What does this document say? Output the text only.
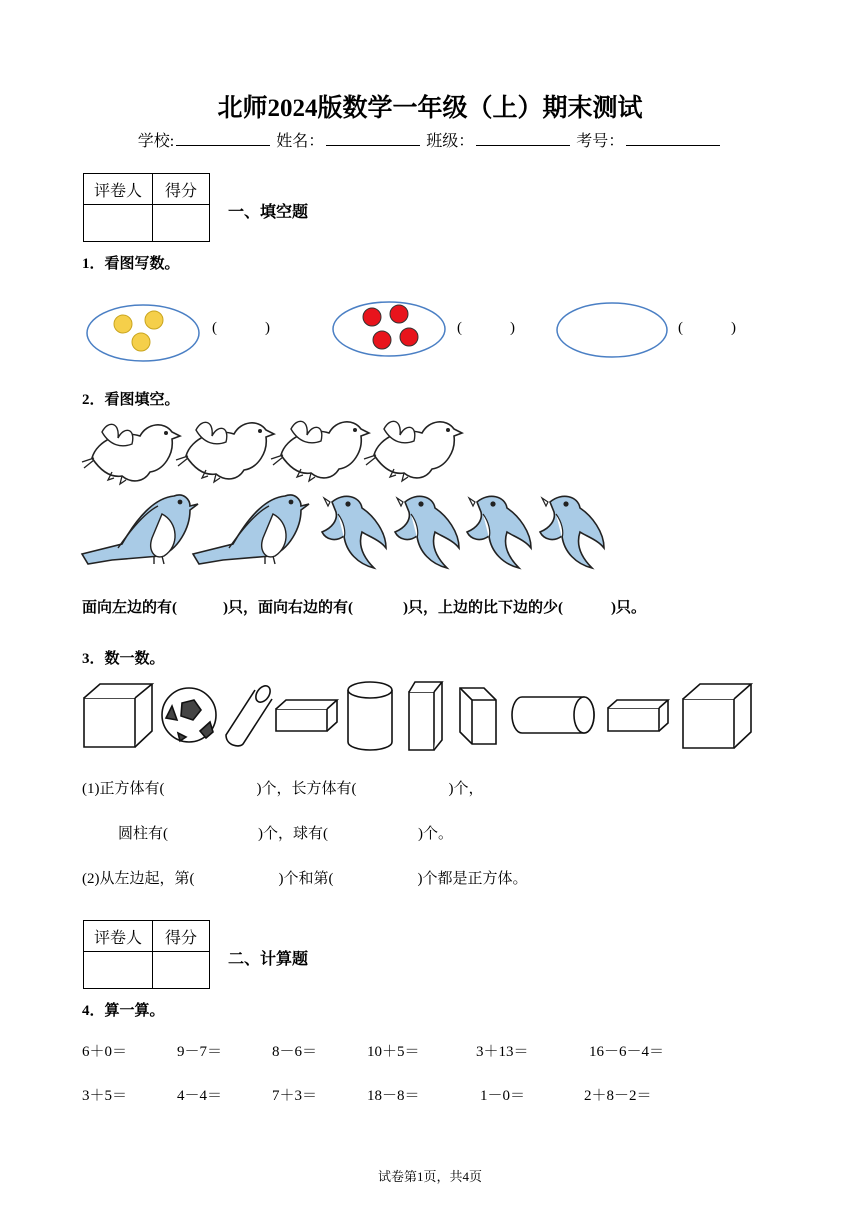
北师2024版数学一年级（上）期末测试
学校:	姓名：	班级：	考号：
评卷人	得分

一、填空题
1．看图写数。
(	)	(	)	(	)
2．看图填空。
面向左边的有(	)只，面向右边的有(	)只，上边的比下边的少(	)只。
3．数一数。
(1)正方体有(	)个，长方体有(	)个，
圆柱有(	)个，球有(	)个。
(2)从左边起，第(	)个和第(	)个都是正方体。
评卷人	得分

二、计算题
4．算一算。
6＋0＝	9－7＝	8－6＝	10＋5＝	3＋13＝	16－6－4＝
3＋5＝	4－4＝	7＋3＝	18－8＝	1－0＝	2＋8－2＝
试卷第1页，共4页
